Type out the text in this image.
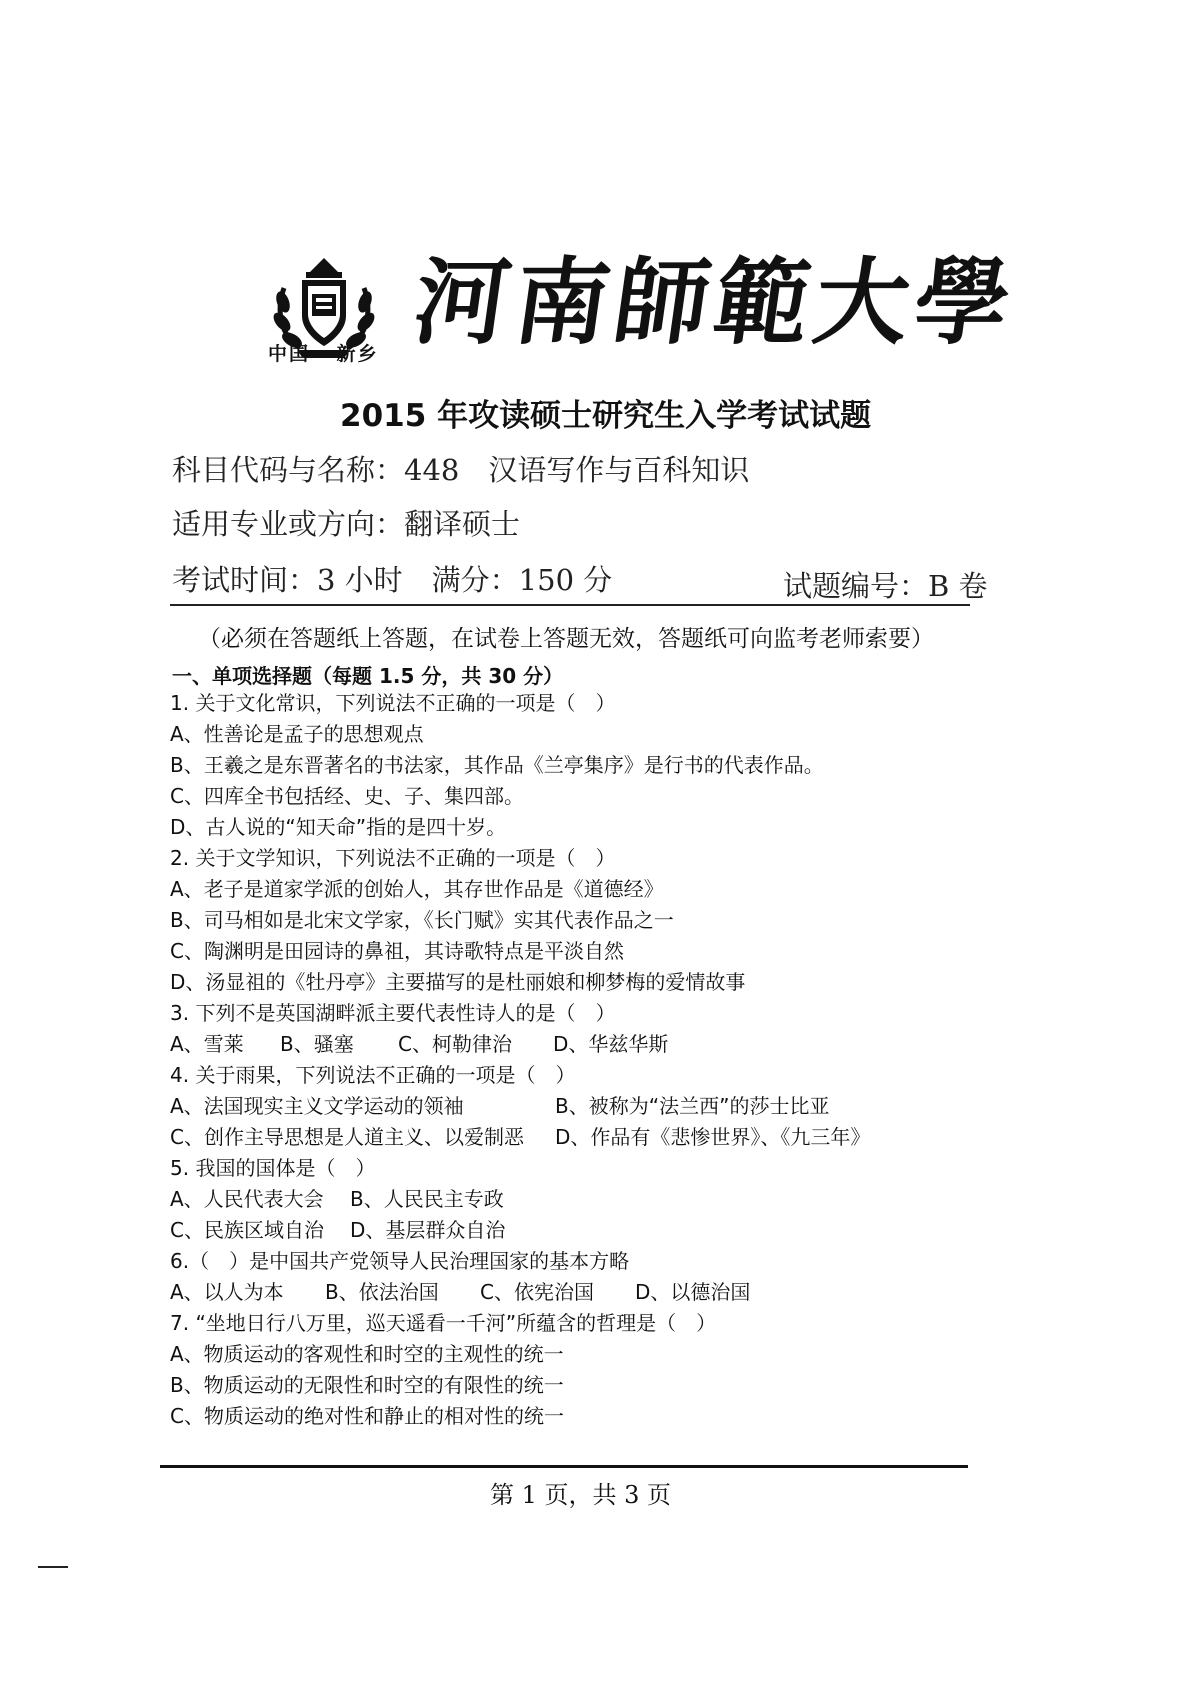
中国 · 新乡 河南師範大學
2015 年攻读硕士研究生入学考试试题
科目代码与名称：448　汉语写作与百科知识
适用专业或方向：翻译硕士
考试时间：3 小时　满分：150 分	试题编号：B 卷
（必须在答题纸上答题，在试卷上答题无效，答题纸可向监考老师索要）
一、单项选择题（每题 1.5 分，共 30 分）
1. 关于文化常识，下列说法不正确的一项是（　）
A、性善论是孟子的思想观点
B、王羲之是东晋著名的书法家，其作品《兰亭集序》是行书的代表作品。
C、四库全书包括经、史、子、集四部。
D、古人说的“知天命”指的是四十岁。
2. 关于文学知识，下列说法不正确的一项是（　）
A、老子是道家学派的创始人，其存世作品是《道德经》
B、司马相如是北宋文学家，《长门赋》实其代表作品之一
C、陶渊明是田园诗的鼻祖，其诗歌特点是平淡自然
D、汤显祖的《牡丹亭》主要描写的是杜丽娘和柳梦梅的爱情故事
3. 下列不是英国湖畔派主要代表性诗人的是（　）
A、雪莱 B、骚塞 C、柯勒律治 D、华兹华斯
4. 关于雨果，下列说法不正确的一项是（　）
A、法国现实主义文学运动的领袖	B、被称为“法兰西”的莎士比亚
C、创作主导思想是人道主义、以爱制恶 D、作品有《悲惨世界》、《九三年》
5. 我国的国体是（　）
A、人民代表大会 B、人民民主专政
C、民族区域自治 D、基层群众自治
6.（　）是中国共产党领导人民治理国家的基本方略
A、以人为本 B、依法治国 C、依宪治国 D、以德治国
7. “坐地日行八万里，巡天遥看一千河”所蕴含的哲理是（　）
A、物质运动的客观性和时空的主观性的统一
B、物质运动的无限性和时空的有限性的统一
C、物质运动的绝对性和静止的相对性的统一
第 1 页，共 3 页
